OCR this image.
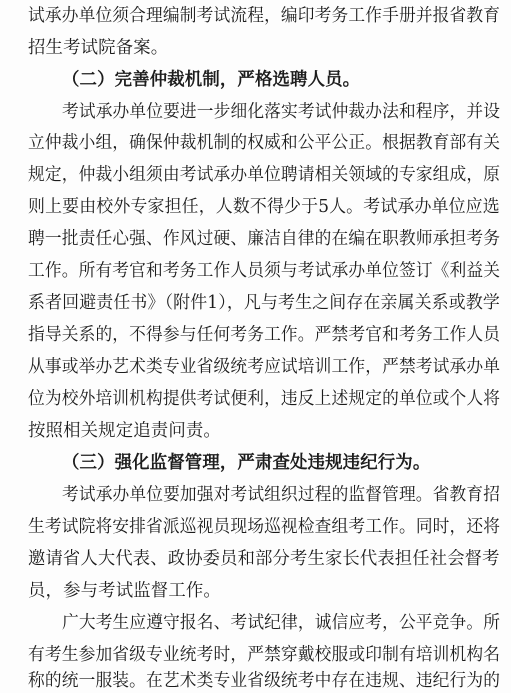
试承办单位须合理编制考试流程，编印考务工作手册并报省教育
招生考试院备案。
（二）完善仲裁机制，严格选聘人员。
考试承办单位要进一步细化落实考试仲裁办法和程序，并设
立仲裁小组，确保仲裁机制的权威和公平公正。根据教育部有关
规定，仲裁小组须由考试承办单位聘请相关领域的专家组成，原
则上要由校外专家担任，人数不得少于5人。考试承办单位应选
聘一批责任心强、作风过硬、廉洁自律的在编在职教师承担考务
工作。所有考官和考务工作人员须与考试承办单位签订《利益关
系者回避责任书》（附件1），凡与考生之间存在亲属关系或教学
指导关系的，不得参与任何考务工作。严禁考官和考务工作人员
从事或举办艺术类专业省级统考应试培训工作，严禁考试承办单
位为校外培训机构提供考试便利，违反上述规定的单位或个人将
按照相关规定追责问责。
（三）强化监督管理，严肃查处违规违纪行为。
考试承办单位要加强对考试组织过程的监督管理。省教育招
生考试院将安排省派巡视员现场巡视检查组考工作。同时，还将
邀请省人大代表、政协委员和部分考生家长代表担任社会督考
员，参与考试监督工作。
广大考生应遵守报名、考试纪律，诚信应考，公平竞争。所
有考生参加省级专业统考时，严禁穿戴校服或印制有培训机构名
称的统一服装。在艺术类专业省级统考中存在违规、违纪行为的
